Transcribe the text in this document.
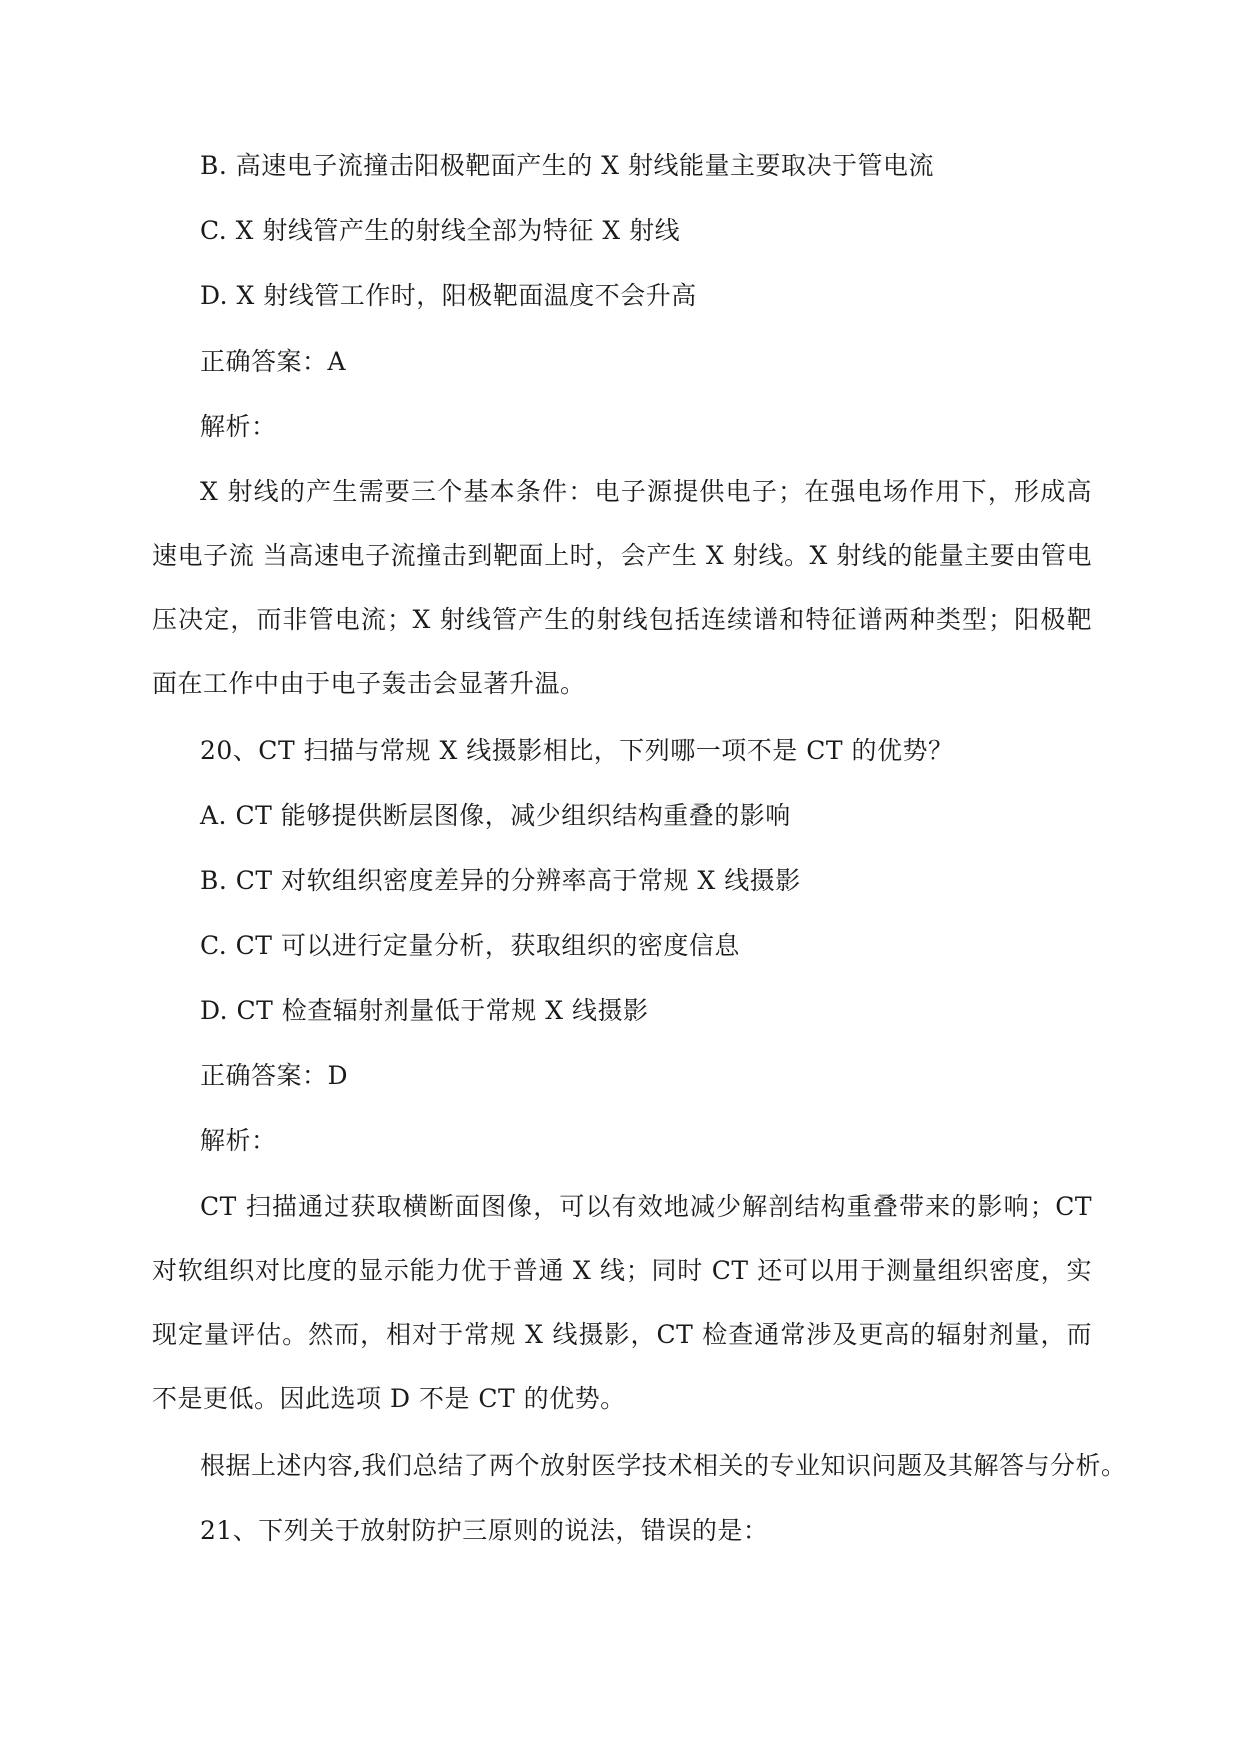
B. 高速电子流撞击阳极靶面产生的 X 射线能量主要取决于管电流
C. X 射线管产生的射线全部为特征 X 射线
D. X 射线管工作时，阳极靶面温度不会升高
正确答案：A
解析：
X 射线的产生需要三个基本条件：电子源提供电子；在强电场作用下，形成高速电子流 当高速电子流撞击到靶面上时，会产生 X 射线。X 射线的能量主要由管电压决定，而非管电流；X 射线管产生的射线包括连续谱和特征谱两种类型；阳极靶面在工作中由于电子轰击会显著升温。
20、CT 扫描与常规 X 线摄影相比，下列哪一项不是 CT 的优势？
A. CT 能够提供断层图像，减少组织结构重叠的影响
B. CT 对软组织密度差异的分辨率高于常规 X 线摄影
C. CT 可以进行定量分析，获取组织的密度信息
D. CT 检查辐射剂量低于常规 X 线摄影
正确答案：D
解析：
CT 扫描通过获取横断面图像，可以有效地减少解剖结构重叠带来的影响；CT 对软组织对比度的显示能力优于普通 X 线；同时 CT 还可以用于测量组织密度，实现定量评估。然而，相对于常规 X 线摄影，CT 检查通常涉及更高的辐射剂量，而不是更低。因此选项 D 不是 CT 的优势。
根据上述内容,我们总结了两个放射医学技术相关的专业知识问题及其解答与分析。
21、下列关于放射防护三原则的说法，错误的是：
